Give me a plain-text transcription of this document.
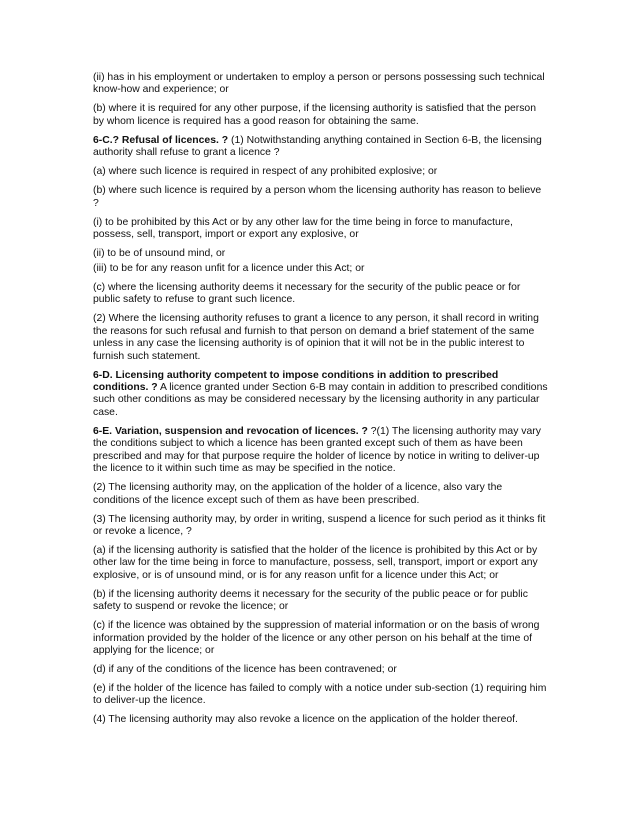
(ii) has in his employment or undertaken to employ a person or persons possessing such technical know-how and experience; or

(b) where it is required for any other purpose, if the licensing authority is satisfied that the person by whom licence is required has a good reason for obtaining the same.

6-C.? Refusal of licences. ? (1) Notwithstanding anything contained in Section 6-B, the licensing authority shall refuse to grant a licence ?

(a) where such licence is required in respect of any prohibited explosive; or

(b) where such licence is required by a person whom the licensing authority has reason to believe ?

(i) to be prohibited by this Act or by any other law for the time being in force to manufacture, possess, sell, transport, import or export any explosive, or

(ii) to be of unsound mind, or

(iii) to be for any reason unfit for a licence under this Act; or

(c) where the licensing authority deems it necessary for the security of the public peace or for public safety to refuse to grant such licence.

(2) Where the licensing authority refuses to grant a licence to any person, it shall record in writing the reasons for such refusal and furnish to that person on demand a brief statement of the same unless in any case the licensing authority is of opinion that it will not be in the public interest to furnish such statement.

6-D. Licensing authority competent to impose conditions in addition to prescribed conditions. ? A licence granted under Section 6-B may contain in addition to prescribed conditions such other conditions as may be considered necessary by the licensing authority in any particular case.

6-E. Variation, suspension and revocation of licences. ? ?(1) The licensing authority may vary the conditions subject to which a licence has been granted except such of them as have been prescribed and may for that purpose require the holder of licence by notice in writing to deliver-up the licence to it within such time as may be specified in the notice.

(2) The licensing authority may, on the application of the holder of a licence, also vary the conditions of the licence except such of them as have been prescribed.

(3) The licensing authority may, by order in writing, suspend a licence for such period as it thinks fit or revoke a licence, ?

(a) if the licensing authority is satisfied that the holder of the licence is prohibited by this Act or by other law for the time being in force to manufacture, possess, sell, transport, import or export any explosive, or is of unsound mind, or is for any reason unfit for a licence under this Act; or

(b) if the licensing authority deems it necessary for the security of the public peace or for public safety to suspend or revoke the licence; or

(c) if the licence was obtained by the suppression of material information or on the basis of wrong information provided by the holder of the licence or any other person on his behalf at the time of applying for the licence; or

(d) if any of the conditions of the licence has been contravened; or

(e) if the holder of the licence has failed to comply with a notice under sub-section (1) requiring him to deliver-up the licence.

(4) The licensing authority may also revoke a licence on the application of the holder thereof.
